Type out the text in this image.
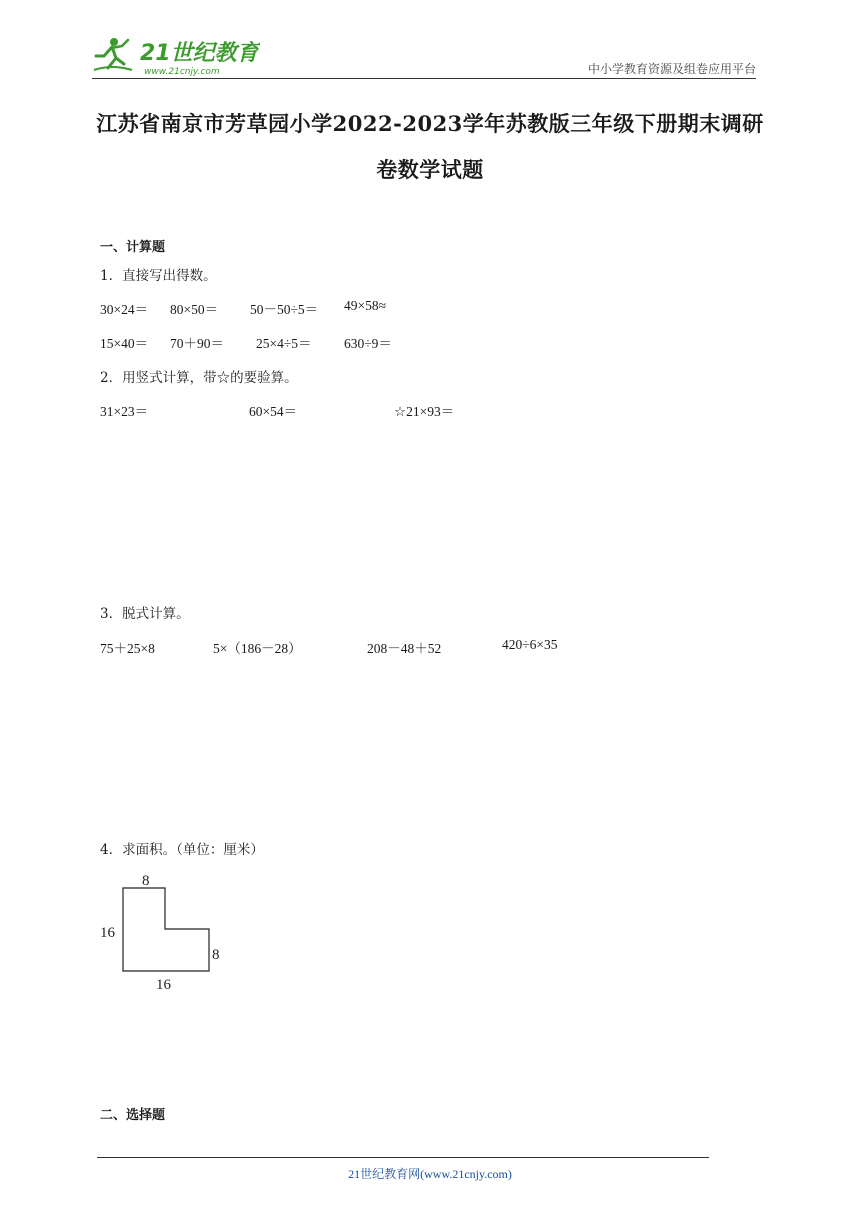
21世纪教育
www.21cnjy.com	中小学教育资源及组卷应用平台
江苏省南京市芳草园小学2022-2023学年苏教版三年级下册期末调研
卷数学试题
一、计算题
1．直接写出得数。
30×24＝ 80×50＝ 50－50÷5＝ 49×58≈
15×40＝ 70＋90＝ 25×4÷5＝ 630÷9＝
2．用竖式计算，带☆的要验算。
31×23＝	60×54＝	☆21×93＝
3．脱式计算。
75＋25×8	5×（186－28）	208－48＋52	420÷6×35
4．求面积。（单位：厘米）
8
16
8
16
二、选择题
21世纪教育网(www.21cnjy.com)
